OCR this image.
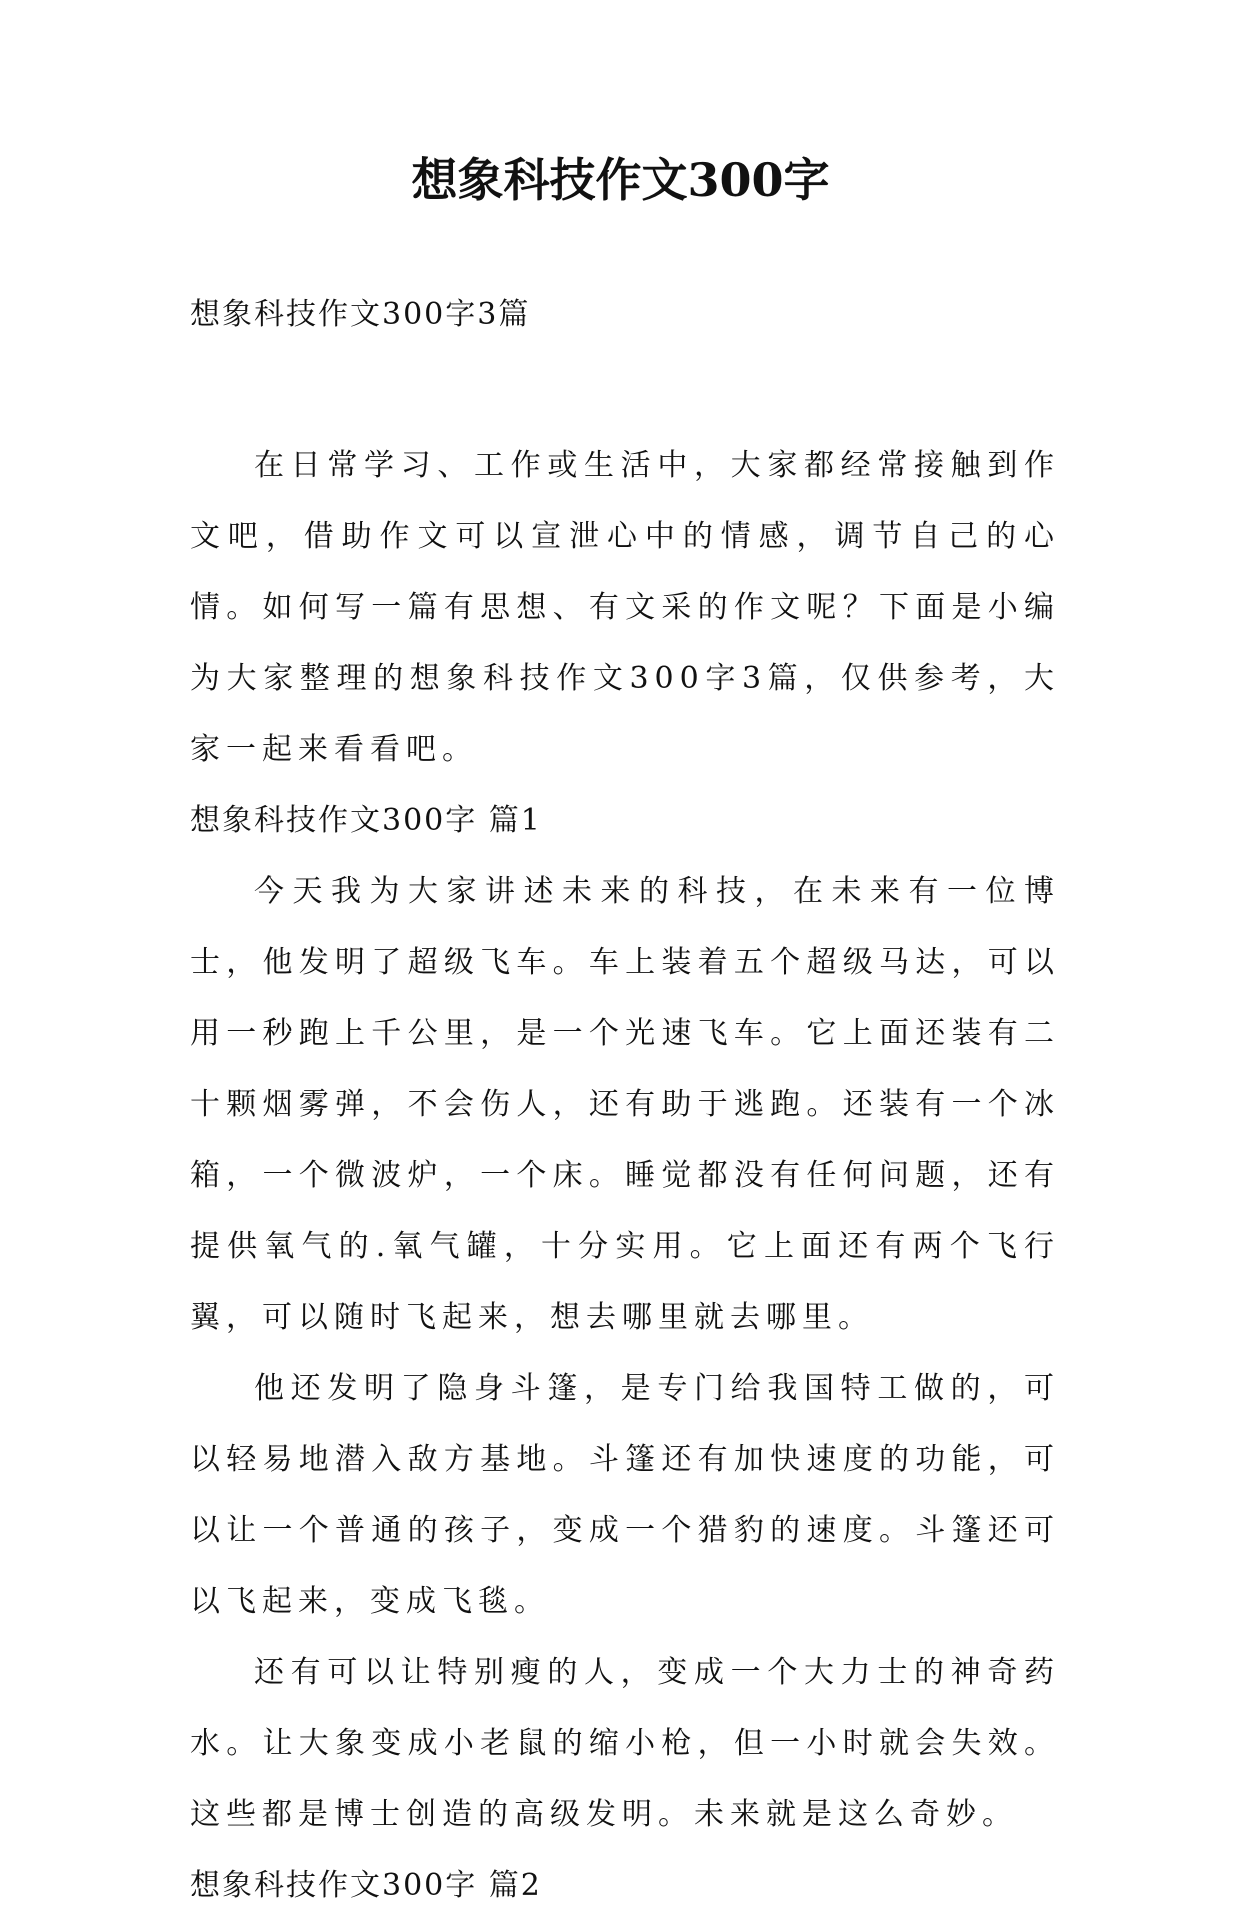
想象科技作文300字

想象科技作文300字3篇

在日常学习、工作或生活中，大家都经常接触到作文吧，借助作文可以宣泄心中的情感，调节自己的心情。如何写一篇有思想、有文采的作文呢？下面是小编为大家整理的想象科技作文300字3篇，仅供参考，大家一起来看看吧。

想象科技作文300字 篇1

今天我为大家讲述未来的科技，在未来有一位博士，他发明了超级飞车。车上装着五个超级马达，可以用一秒跑上千公里，是一个光速飞车。它上面还装有二十颗烟雾弹，不会伤人，还有助于逃跑。还装有一个冰箱，一个微波炉，一个床。睡觉都没有任何问题，还有提供氧气的.氧气罐，十分实用。它上面还有两个飞行翼，可以随时飞起来，想去哪里就去哪里。

他还发明了隐身斗篷，是专门给我国特工做的，可以轻易地潜入敌方基地。斗篷还有加快速度的功能，可以让一个普通的孩子，变成一个猎豹的速度。斗篷还可以飞起来，变成飞毯。

还有可以让特别瘦的人，变成一个大力士的神奇药水。让大象变成小老鼠的缩小枪，但一小时就会失效。这些都是博士创造的高级发明。未来就是这么奇妙。

想象科技作文300字 篇2
